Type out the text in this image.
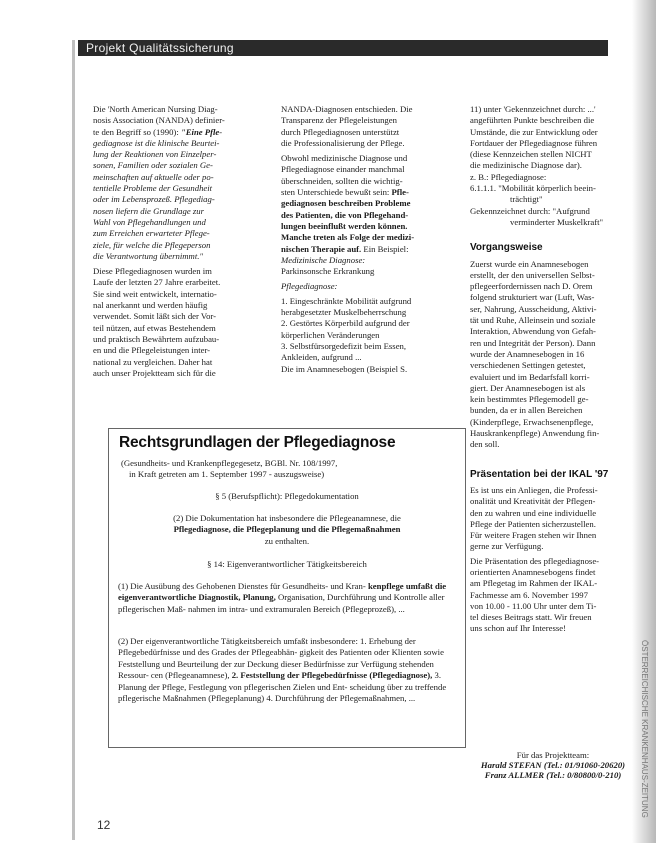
Projekt Qualitätssicherung
Die 'North American Nursing Diag-
nosis Association (NANDA) definier-
te den Begriff so (1990): "Eine Pfle-
gediagnose ist die klinische Beurtei-
lung der Reaktionen von Einzelper-
sonen, Familien oder sozialen Ge-
meinschaften auf aktuelle oder po-
tentielle Probleme der Gesundheit
oder im Lebensprozeß. Pflegediag-
nosen liefern die Grundlage zur
Wahl von Pflegehandlungen und
zum Erreichen erwarteter Pflege-
ziele, für welche die Pflegeperson
die Verantwortung übernimmt."
Diese Pflegediagnosen wurden im
Laufe der letzten 27 Jahre erarbeitet.
Sie sind weit entwickelt, internatio-
nal anerkannt und werden häufig
verwendet. Somit läßt sich der Vor-
teil nützen, auf etwas Bestehendem
und praktisch Bewährtem aufzubau-
en und die Pflegeleistungen inter-
national zu vergleichen. Daher hat
auch unser Projektteam sich für die
NANDA-Diagnosen entschieden. Die
Transparenz der Pflegeleistungen
durch Pflegediagnosen unterstützt
die Professionalisierung der Pflege.
Obwohl medizinische Diagnose und
Pflegediagnose einander manchmal
überschneiden, sollten die wichtig-
sten Unterschiede bewußt sein: Pfle-
gediagnosen beschreiben Probleme
des Patienten, die von Pflegehand-
lungen beeinflußt werden können.
Manche treten als Folge der medizi-
nischen Therapie auf. Ein Beispiel:
Medizinische Diagnose:
Parkinsonsche Erkrankung
Pflegediagnose:
1. Eingeschränkte Mobilität aufgrund
herabgesetzter Muskelbeherrschung
2. Gestörtes Körperbild aufgrund der
körperlichen Veränderungen
3. Selbstfürsorgedefizit beim Essen,
Ankleiden, aufgrund ...
Die im Anamnesebogen (Beispiel S.
11) unter 'Gekennzeichnet durch: ...'
angeführten Punkte beschreiben die
Umstände, die zur Entwicklung oder
Fortdauer der Pflegediagnose führen
(diese Kennzeichen stellen NICHT
die medizinische Diagnose dar).
z. B.: Pflegediagnose:
6.1.1.1. "Mobilität körperlich beein-
trächtigt"
Gekennzeichnet durch: "Aufgrund
verminderter Muskelkraft"
Vorgangsweise
Zuerst wurde ein Anamnesebogen
erstellt, der den universellen Selbst-
pflegeerfordernissen nach D. Orem
folgend strukturiert war (Luft, Was-
ser, Nahrung, Ausscheidung, Aktivi-
tät und Ruhe, Alleinsein und soziale
Interaktion, Abwendung von Gefah-
ren und Integrität der Person). Dann
wurde der Anamnesebogen in 16
verschiedenen Settingen getestet,
evaluiert und im Bedarfsfall korri-
giert. Der Anamnesebogen ist als
kein bestimmtes Pflegemodell ge-
bunden, da er in allen Bereichen
(Kinderpflege, Erwachsenenpflege,
Hauskrankenpflege) Anwendung fin-
den soll.
Präsentation bei der IKAL '97
Es ist uns ein Anliegen, die Professi-
onalität und Kreativität der Pflegen-
den zu wahren und eine individuelle
Pflege der Patienten sicherzustellen.
Für weitere Fragen stehen wir Ihnen
gerne zur Verfügung.
Die Präsentation des pflegediagnose-
orientierten Anamnesebogens findet
am Pflegetag im Rahmen der IKAL-
Fachmesse am 6. November 1997
von 10.00 - 11.00 Uhr unter dem Ti-
tel dieses Beitrags statt. Wir freuen
uns schon auf Ihr Interesse!
Für das Projektteam:
Harald STEFAN (Tel.: 01/91060-20620)
Franz ALLMER (Tel.: 0/80800/0-210)
Rechtsgrundlagen der Pflegediagnose
(Gesundheits- und Krankenpflegegesetz, BGBl. Nr. 108/1997,
in Kraft getreten am 1. September 1997 - auszugsweise)
§ 5 (Berufspflicht): Pflegedokumentation
(2) Die Dokumentation hat insbesondere die Pflegeanamnese, die
Pflegediagnose, die Pflegeplanung und die Pflegemaßnahmen
zu enthalten.
§ 14: Eigenverantwortlicher Tätigkeitsbereich
(1) Die Ausübung des Gehobenen Dienstes für Gesundheits- und Kran- kenpflege umfaßt die eigenverantwortliche Diagnostik, Planung, Organisation, Durchführung und Kontrolle aller pflegerischen Maß- nahmen im intra- und extramuralen Bereich (Pflegeprozeß), ...
(2) Der eigenverantwortliche Tätigkeitsbereich umfaßt insbesondere: 1. Erhebung der Pflegebedürfnisse und des Grades der Pflegeabhän- gigkeit des Patienten oder Klienten sowie Feststellung und Beurteilung der zur Deckung dieser Bedürfnisse zur Verfügung stehenden Ressour- cen (Pflegeanamnese), 2. Feststellung der Pflegebedürfnisse (Pflegediagnose), 3. Planung der Pflege, Festlegung von pflegerischen Zielen und Ent- scheidung über zu treffende pflegerische Maßnahmen (Pflegeplanung) 4. Durchführung der Pflegemaßnahmen, ...
12
ÖSTERREICHISCHE KRANKENHAUS-ZEITUNG
